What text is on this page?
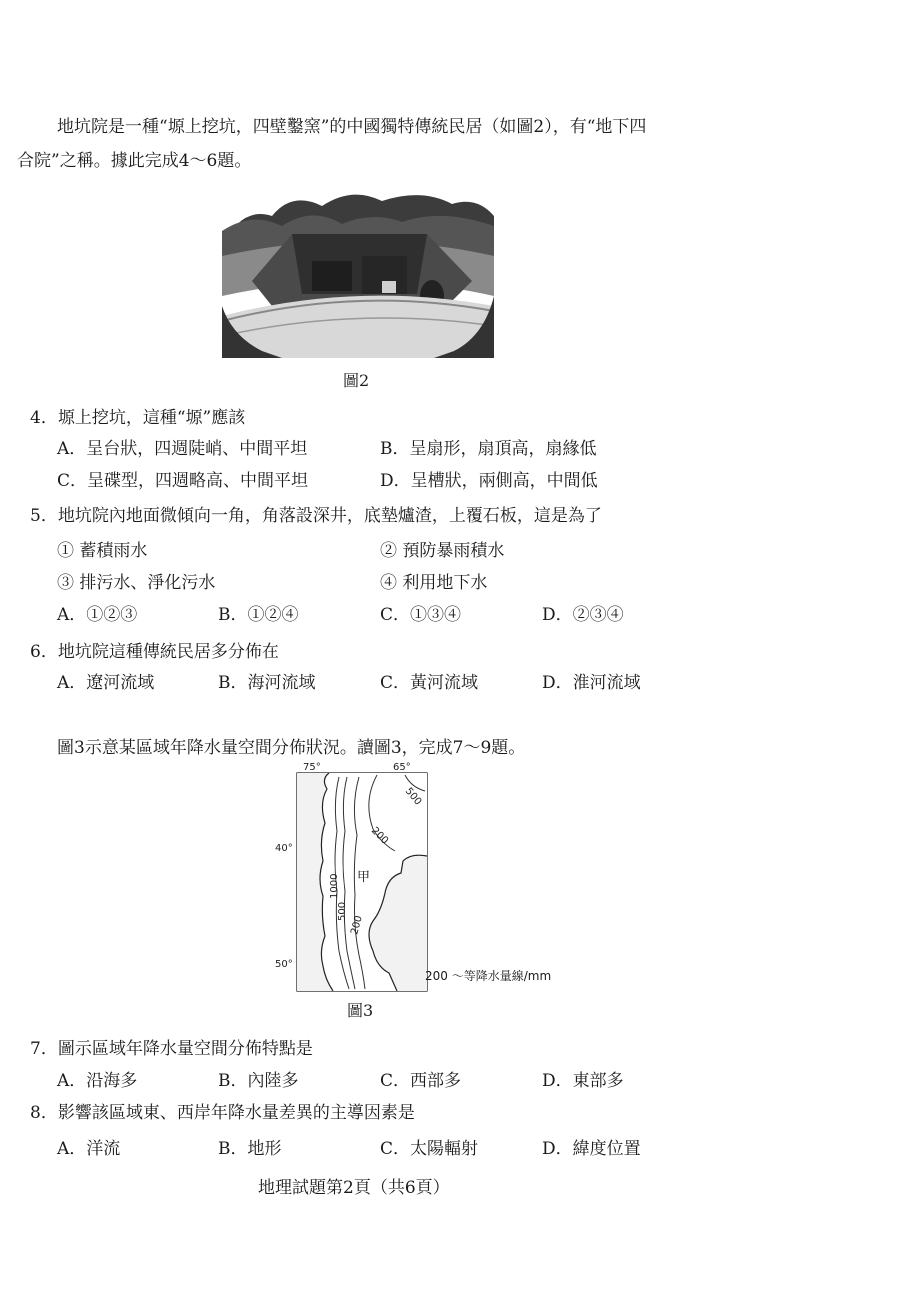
地坑院是一種“塬上挖坑，四壁鑿窯”的中國獨特傳統民居（如圖2），有“地下四
合院”之稱。據此完成4～6題。
圖2
4．塬上挖坑，這種“塬”應該
A．呈台狀，四週陡峭、中間平坦	B．呈扇形，扇頂高，扇緣低
C．呈碟型，四週略高、中間平坦	D．呈槽狀，兩側高，中間低
5．地坑院內地面微傾向一角，角落設深井，底墊爐渣，上覆石板，這是為了
① 蓄積雨水	② 預防暴雨積水
③ 排污水、淨化污水	④ 利用地下水
A．①②③	B．①②④	C．①③④	D．②③④
6．地坑院這種傳統民居多分佈在
A．遼河流域	B．海河流域	C．黃河流域	D．淮河流域
圖3示意某區域年降水量空間分佈狀況。讀圖3，完成7～9題。
75°	65°
40°
50°
500
200
1000
500
200
甲
200 ～等降水量線/mm
圖3
7．圖示區域年降水量空間分佈特點是
A．沿海多	B．內陸多	C．西部多	D．東部多
8．影響該區域東、西岸年降水量差異的主導因素是
A．洋流	B．地形	C．太陽輻射	D．緯度位置
地理試題第2頁（共6頁）
